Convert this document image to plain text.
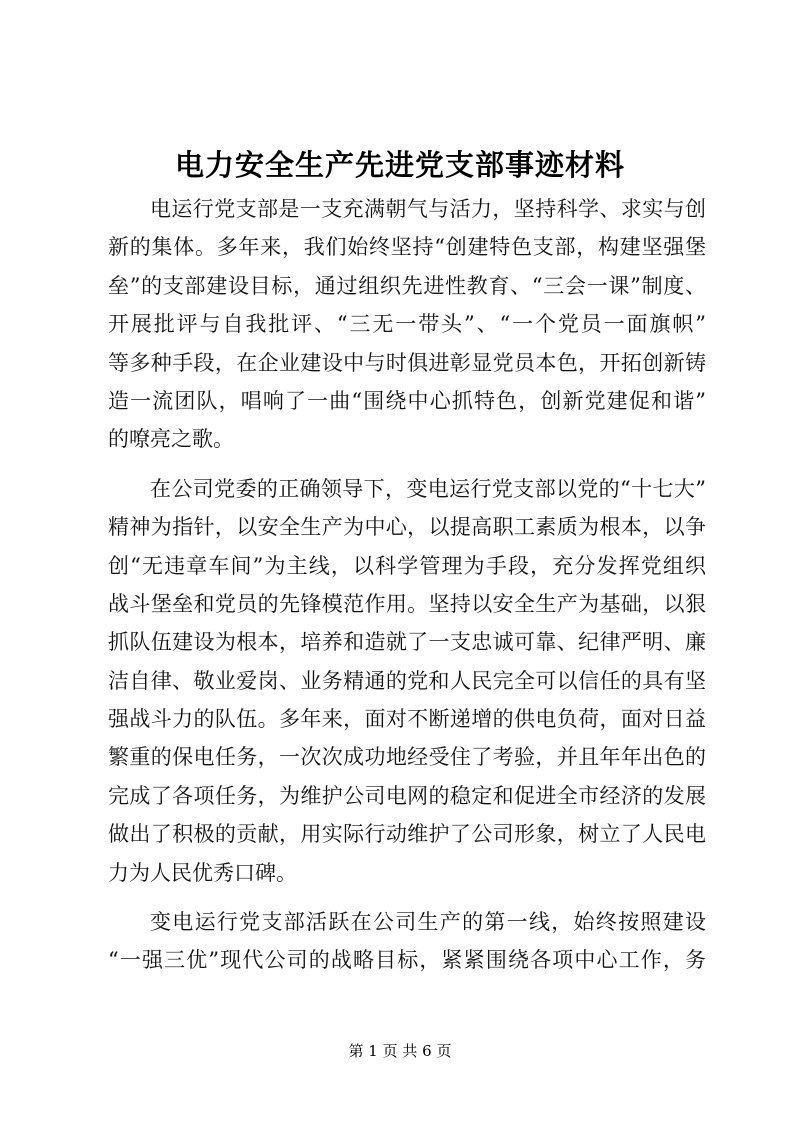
电力安全生产先进党支部事迹材料
电运行党支部是一支充满朝气与活力，坚持科学、求实与创
新的集体。多年来，我们始终坚持“创建特色支部，构建坚强堡
垒”的支部建设目标，通过组织先进性教育、“三会一课”制度、
开展批评与自我批评、“三无一带头”、“一个党员一面旗帜”
等多种手段，在企业建设中与时俱进彰显党员本色，开拓创新铸
造一流团队，唱响了一曲“围绕中心抓特色，创新党建促和谐”
的嘹亮之歌。
在公司党委的正确领导下，变电运行党支部以党的“十七大”
精神为指针，以安全生产为中心，以提高职工素质为根本，以争
创“无违章车间”为主线，以科学管理为手段，充分发挥党组织
战斗堡垒和党员的先锋模范作用。坚持以安全生产为基础，以狠
抓队伍建设为根本，培养和造就了一支忠诚可靠、纪律严明、廉
洁自律、敬业爱岗、业务精通的党和人民完全可以信任的具有坚
强战斗力的队伍。多年来，面对不断递增的供电负荷，面对日益
繁重的保电任务，一次次成功地经受住了考验，并且年年出色的
完成了各项任务，为维护公司电网的稳定和促进全市经济的发展
做出了积极的贡献，用实际行动维护了公司形象，树立了人民电
力为人民优秀口碑。
变电运行党支部活跃在公司生产的第一线，始终按照建设
“一强三优”现代公司的战略目标，紧紧围绕各项中心工作，务
第 1 页 共 6 页
